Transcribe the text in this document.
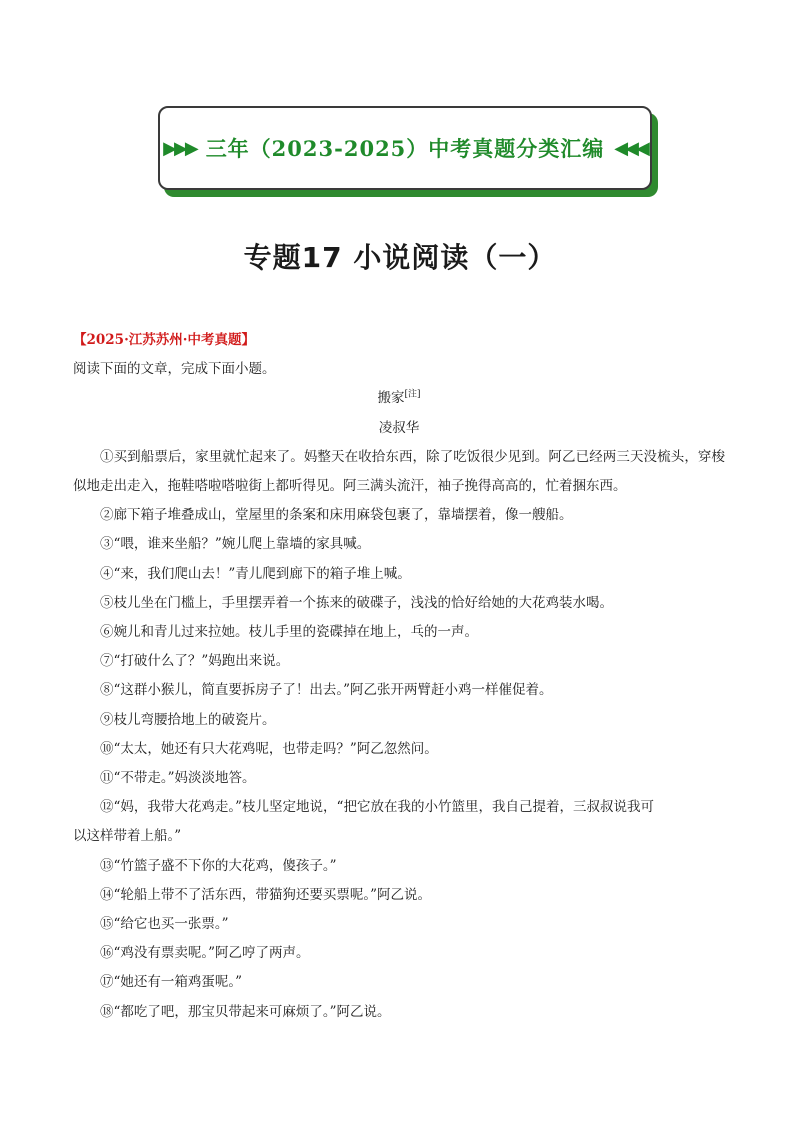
▶▶▶ 三年（2023-2025）中考真题分类汇编 ◀◀◀
专题17 小说阅读（一）

【2025·江苏苏州·中考真题】

阅读下面的文章，完成下面小题。

搬家[注]

凌叔华

①买到船票后，家里就忙起来了。妈整天在收拾东西，除了吃饭很少见到。阿乙已经两三天没梳头，穿梭似地走出走入，拖鞋嗒啦嗒啦街上都听得见。阿三满头流汗，袖子挽得高高的，忙着捆东西。

②廊下箱子堆叠成山，堂屋里的条案和床用麻袋包裹了，靠墙摆着，像一艘船。

③“喂，谁来坐船？”婉儿爬上靠墙的家具喊。

④“来，我们爬山去！”青儿爬到廊下的箱子堆上喊。

⑤枝儿坐在门槛上，手里摆弄着一个拣来的破碟子，浅浅的恰好给她的大花鸡装水喝。

⑥婉儿和青儿过来拉她。枝儿手里的瓷碟掉在地上，乓的一声。

⑦“打破什么了？”妈跑出来说。

⑧“这群小猴儿，简直要拆房子了！出去。”阿乙张开两臂赶小鸡一样催促着。

⑨枝儿弯腰拾地上的破瓷片。

⑩“太太，她还有只大花鸡呢，也带走吗？”阿乙忽然问。

⑪“不带走。”妈淡淡地答。

⑫“妈，我带大花鸡走。”枝儿坚定地说，“把它放在我的小竹篮里，我自己提着，三叔叔说我可

以这样带着上船。”

⑬“竹篮子盛不下你的大花鸡，傻孩子。”

⑭“轮船上带不了活东西，带猫狗还要买票呢。”阿乙说。

⑮“给它也买一张票。”

⑯“鸡没有票卖呢。”阿乙哼了两声。

⑰“她还有一箱鸡蛋呢。”

⑱“都吃了吧，那宝贝带起来可麻烦了。”阿乙说。
